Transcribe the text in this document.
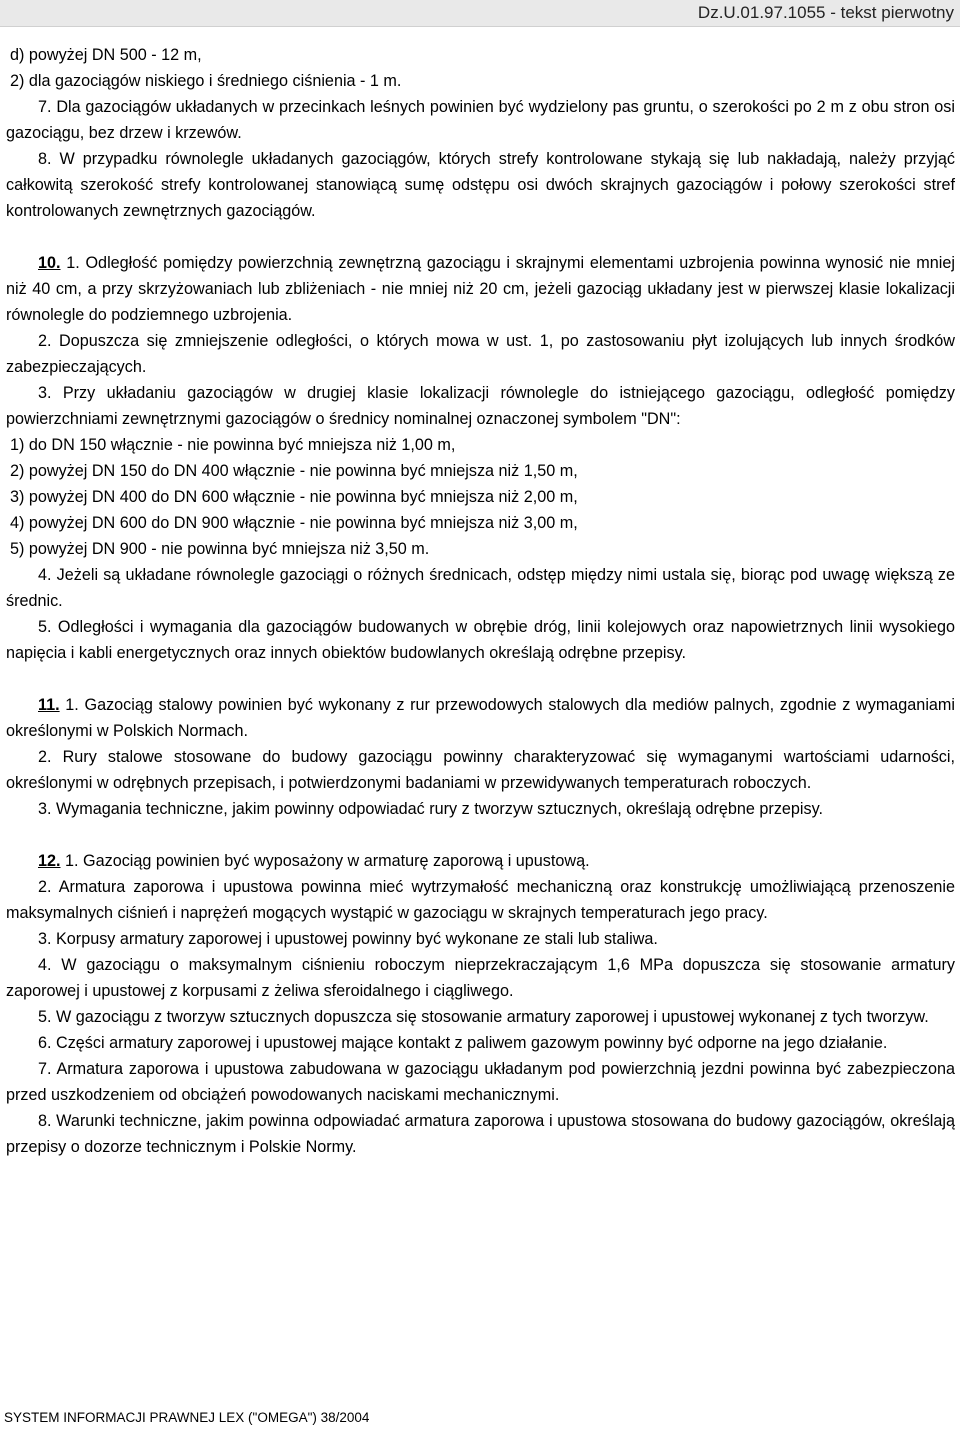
Dz.U.01.97.1055 - tekst pierwotny

d) powyżej DN 500 - 12 m,

2) dla gazociągów niskiego i średniego ciśnienia - 1 m.

7. Dla gazociągów układanych w przecinkach leśnych powinien być wydzielony pas gruntu, o szerokości po 2 m z obu stron osi gazociągu, bez drzew i krzewów.

8. W przypadku równolegle układanych gazociągów, których strefy kontrolowane stykają się lub nakładają, należy przyjąć całkowitą szerokość strefy kontrolowanej stanowiącą sumę odstępu osi dwóch skrajnych gazociągów i połowy szerokości stref kontrolowanych zewnętrznych gazociągów.

10. 1. Odległość pomiędzy powierzchnią zewnętrzną gazociągu i skrajnymi elementami uzbrojenia powinna wynosić nie mniej niż 40 cm, a przy skrzyżowaniach lub zbliżeniach - nie mniej niż 20 cm, jeżeli gazociąg układany jest w pierwszej klasie lokalizacji równolegle do podziemnego uzbrojenia.

2. Dopuszcza się zmniejszenie odległości, o których mowa w ust. 1, po zastosowaniu płyt izolujących lub innych środków zabezpieczających.

3. Przy układaniu gazociągów w drugiej klasie lokalizacji równolegle do istniejącego gazociągu, odległość pomiędzy powierzchniami zewnętrznymi gazociągów o średnicy nominalnej oznaczonej symbolem "DN":

1) do DN 150 włącznie - nie powinna być mniejsza niż 1,00 m,

2) powyżej DN 150 do DN 400 włącznie - nie powinna być mniejsza niż 1,50 m,

3) powyżej DN 400 do DN 600 włącznie - nie powinna być mniejsza niż 2,00 m,

4) powyżej DN 600 do DN 900 włącznie - nie powinna być mniejsza niż 3,00 m,

5) powyżej DN 900 - nie powinna być mniejsza niż 3,50 m.

4. Jeżeli są układane równolegle gazociągi o różnych średnicach, odstęp między nimi ustala się, biorąc pod uwagę większą ze średnic.

5. Odległości i wymagania dla gazociągów budowanych w obrębie dróg, linii kolejowych oraz napowietrznych linii wysokiego napięcia i kabli energetycznych oraz innych obiektów budowlanych określają odrębne przepisy.

11. 1. Gazociąg stalowy powinien być wykonany z rur przewodowych stalowych dla mediów palnych, zgodnie z wymaganiami określonymi w Polskich Normach.

2. Rury stalowe stosowane do budowy gazociągu powinny charakteryzować się wymaganymi wartościami udarności, określonymi w odrębnych przepisach, i potwierdzonymi badaniami w przewidywanych temperaturach roboczych.

3. Wymagania techniczne, jakim powinny odpowiadać rury z tworzyw sztucznych, określają odrębne przepisy.

12. 1. Gazociąg powinien być wyposażony w armaturę zaporową i upustową.

2. Armatura zaporowa i upustowa powinna mieć wytrzymałość mechaniczną oraz konstrukcję umożliwiającą przenoszenie maksymalnych ciśnień i naprężeń mogących wystąpić w gazociągu w skrajnych temperaturach jego pracy.

3. Korpusy armatury zaporowej i upustowej powinny być wykonane ze stali lub staliwa.

4. W gazociągu o maksymalnym ciśnieniu roboczym nieprzekraczającym 1,6 MPa dopuszcza się stosowanie armatury zaporowej i upustowej z korpusami z żeliwa sferoidalnego i ciągliwego.

5. W gazociągu z tworzyw sztucznych dopuszcza się stosowanie armatury zaporowej i upustowej wykonanej z tych tworzyw.

6. Części armatury zaporowej i upustowej mające kontakt z paliwem gazowym powinny być odporne na jego działanie.

7. Armatura zaporowa i upustowa zabudowana w gazociągu układanym pod powierzchnią jezdni powinna być zabezpieczona przed uszkodzeniem od obciążeń powodowanych naciskami mechanicznymi.

8. Warunki techniczne, jakim powinna odpowiadać armatura zaporowa i upustowa stosowana do budowy gazociągów, określają przepisy o dozorze technicznym i Polskie Normy.

SYSTEM INFORMACJI PRAWNEJ LEX ("OMEGA") 38/2004
